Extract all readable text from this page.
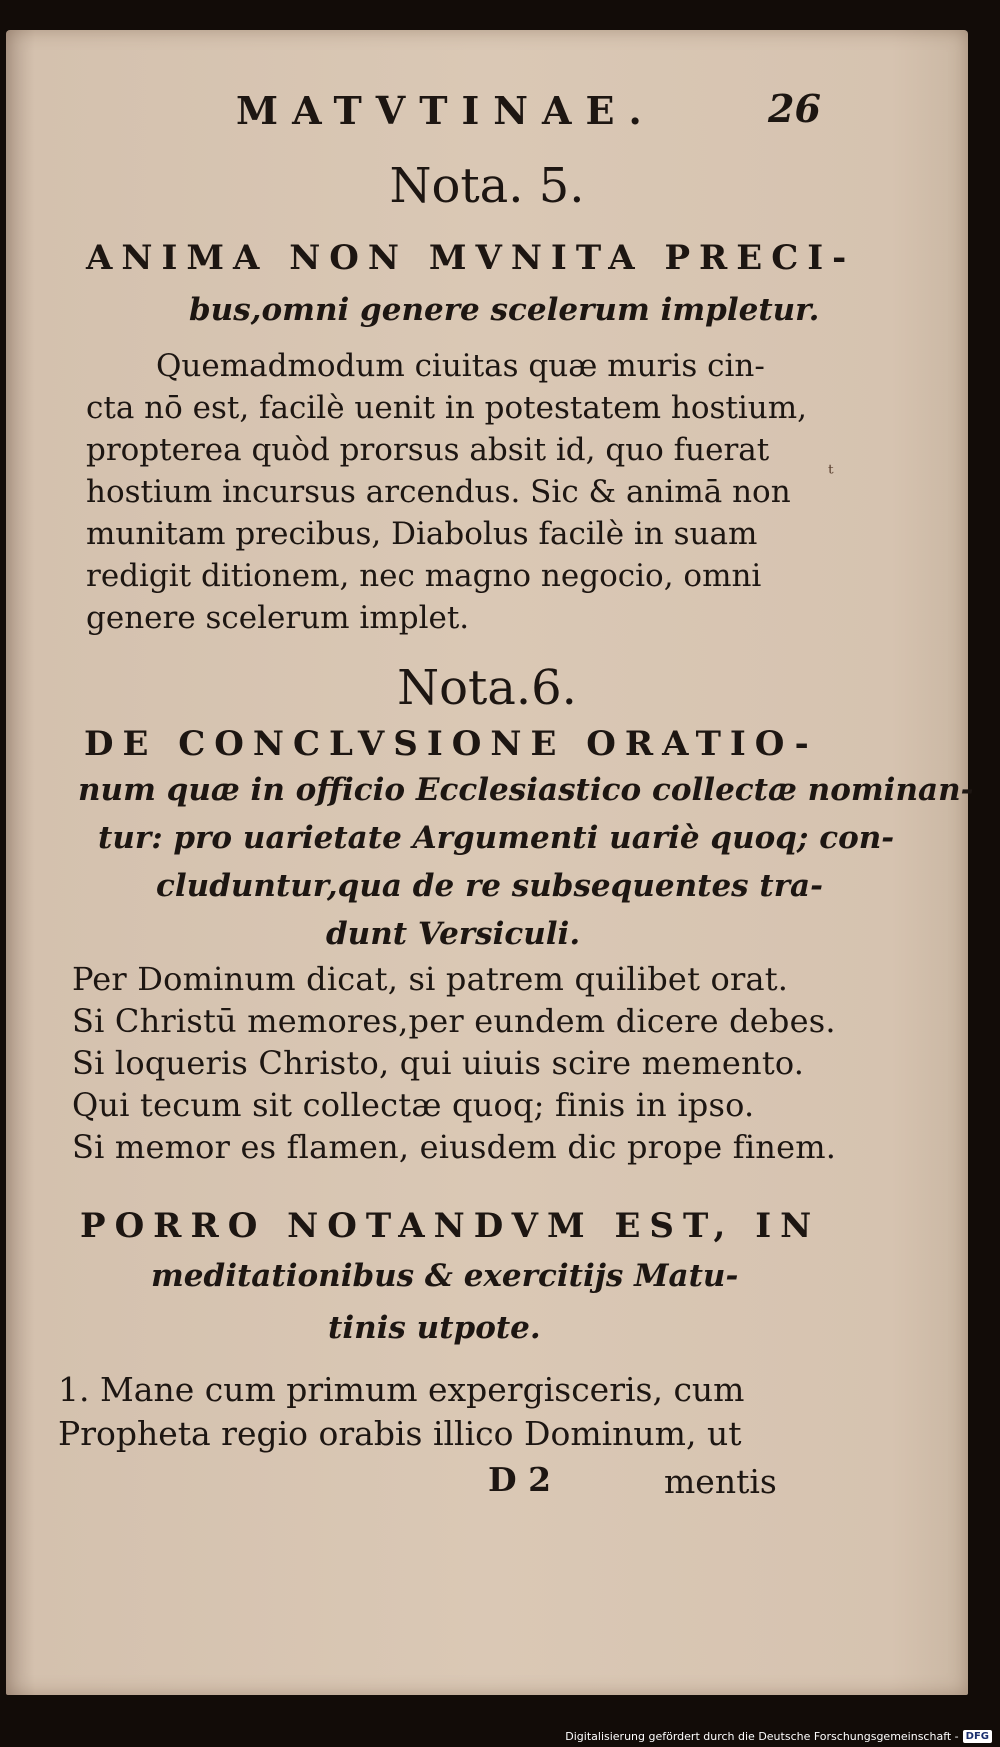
MATVTINAE.	26
Nota. 5.
ANIMA NON MVNITA PRECI-
bus,omni genere scelerum impletur.
Quemadmodum ciuitas quæ muris cin-
cta nō est, facilè uenit in potestatem hostium,
propterea quòd prorsus absit id, quo fuerat
hostium incursus arcendus. Sic & animā non
munitam precibus, Diabolus facilè in suam
redigit ditionem, nec magno negocio, omni
genere scelerum implet.
Nota.6.
DE CONCLVSIONE ORATIO-
num quæ in officio Ecclesiastico collectæ nominan-
tur: pro uarietate Argumenti uariè quoq; con-
cluduntur,qua de re subsequentes tra-
dunt Versiculi.
Per Dominum dicat, si patrem quilibet orat.
Si Christū memores,per eundem dicere debes.
Si loqueris Christo, qui uiuis scire memento.
Qui tecum sit collectæ quoq; finis in ipso.
Si memor es flamen, eiusdem dic prope finem.
PORRO NOTANDVM EST, IN
meditationibus & exercitijs Matu-
tinis utpote.
1. Mane cum primum expergisceris, cum
Propheta regio orabis illico Dominum, ut
D 2	mentis
ᵗ
Digitalisierung gefördert durch die Deutsche Forschungsgemeinschaft - DFG
